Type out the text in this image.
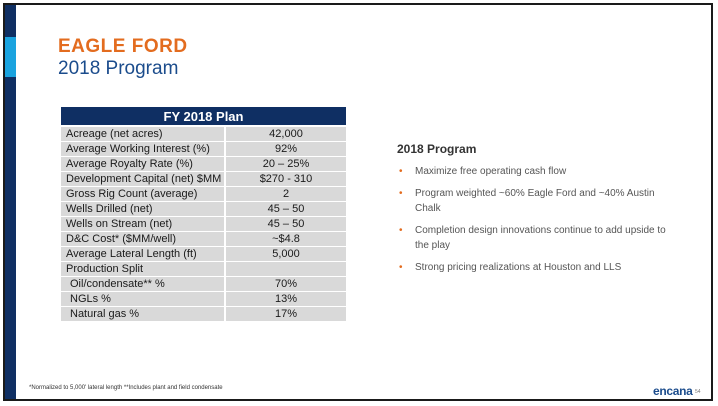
EAGLE FORD
2018 Program
FY 2018 Plan	
Acreage (net acres)	42,000
Average Working Interest (%)	92%
Average Royalty Rate (%)	20 – 25%
Development Capital (net) $MM	$270 - 310
Gross Rig Count (average)	2
Wells Drilled (net)	45 – 50
Wells on Stream (net)	45 – 50
D&C Cost* ($MM/well)	~$4.8
Average Lateral Length (ft)	5,000
Production Split	
Oil/condensate** %	70%
NGLs %	13%
Natural gas %	17%
2018 Program
• Maximize free operating cash flow
• Program weighted ~60% Eagle Ford and ~40% Austin Chalk
• Completion design innovations continue to add upside to the play
• Strong pricing realizations at Houston and LLS
*Normalized to 5,000' lateral length **Includes plant and field condensate	encana 54
